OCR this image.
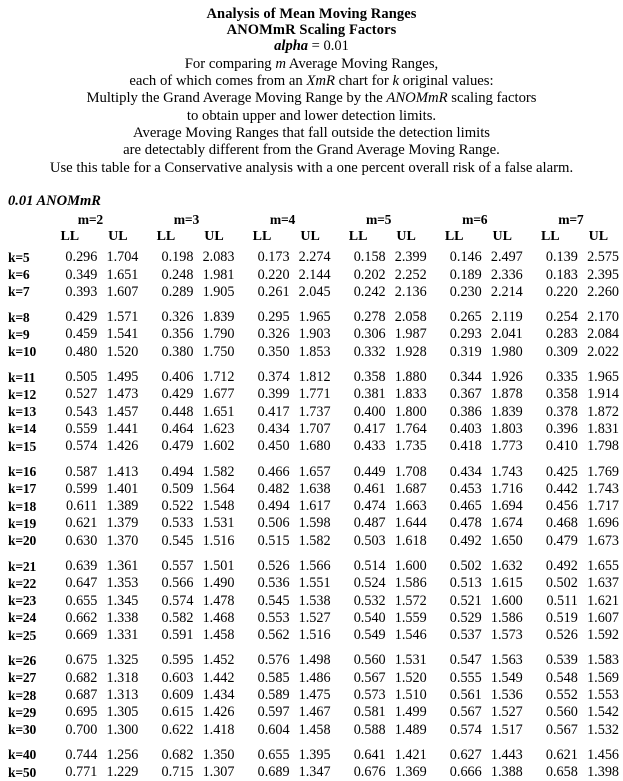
Analysis of Mean Moving Ranges
ANOMmR Scaling Factors
alpha = 0.01
For comparing m Average Moving Ranges,
each of which comes from an XmR chart for k original values:
Multiply the Grand Average Moving Range by the ANOMmR scaling factors
to obtain upper and lower detection limits.
Average Moving Ranges that fall outside the detection limits
are detectably different from the Grand Average Moving Range.
Use this table for a Conservative analysis with a one percent overall risk of a false alarm.
0.01 ANOMmR
	m=2		m=3		m=4		m=5		m=6		m=7	
	LL	UL	LL	UL	LL	UL	LL	UL	LL	UL	LL	UL
k=5	0.296	1.704	0.198	2.083	0.173	2.274	0.158	2.399	0.146	2.497	0.139	2.575
k=6	0.349	1.651	0.248	1.981	0.220	2.144	0.202	2.252	0.189	2.336	0.183	2.395
k=7	0.393	1.607	0.289	1.905	0.261	2.045	0.242	2.136	0.230	2.214	0.220	2.260

k=8	0.429	1.571	0.326	1.839	0.295	1.965	0.278	2.058	0.265	2.119	0.254	2.170
k=9	0.459	1.541	0.356	1.790	0.326	1.903	0.306	1.987	0.293	2.041	0.283	2.084
k=10	0.480	1.520	0.380	1.750	0.350	1.853	0.332	1.928	0.319	1.980	0.309	2.022

k=11	0.505	1.495	0.406	1.712	0.374	1.812	0.358	1.880	0.344	1.926	0.335	1.965
k=12	0.527	1.473	0.429	1.677	0.399	1.771	0.381	1.833	0.367	1.878	0.358	1.914
k=13	0.543	1.457	0.448	1.651	0.417	1.737	0.400	1.800	0.386	1.839	0.378	1.872
k=14	0.559	1.441	0.464	1.623	0.434	1.707	0.417	1.764	0.403	1.803	0.396	1.831
k=15	0.574	1.426	0.479	1.602	0.450	1.680	0.433	1.735	0.418	1.773	0.410	1.798

k=16	0.587	1.413	0.494	1.582	0.466	1.657	0.449	1.708	0.434	1.743	0.425	1.769
k=17	0.599	1.401	0.509	1.564	0.482	1.638	0.461	1.687	0.453	1.716	0.442	1.743
k=18	0.611	1.389	0.522	1.548	0.494	1.617	0.474	1.663	0.465	1.694	0.456	1.717
k=19	0.621	1.379	0.533	1.531	0.506	1.598	0.487	1.644	0.478	1.674	0.468	1.696
k=20	0.630	1.370	0.545	1.516	0.515	1.582	0.503	1.618	0.492	1.650	0.479	1.673

k=21	0.639	1.361	0.557	1.501	0.526	1.566	0.514	1.600	0.502	1.632	0.492	1.655
k=22	0.647	1.353	0.566	1.490	0.536	1.551	0.524	1.586	0.513	1.615	0.502	1.637
k=23	0.655	1.345	0.574	1.478	0.545	1.538	0.532	1.572	0.521	1.600	0.511	1.621
k=24	0.662	1.338	0.582	1.468	0.553	1.527	0.540	1.559	0.529	1.586	0.519	1.607
k=25	0.669	1.331	0.591	1.458	0.562	1.516	0.549	1.546	0.537	1.573	0.526	1.592

k=26	0.675	1.325	0.595	1.452	0.576	1.498	0.560	1.531	0.547	1.563	0.539	1.583
k=27	0.682	1.318	0.603	1.442	0.585	1.486	0.567	1.520	0.555	1.549	0.548	1.569
k=28	0.687	1.313	0.609	1.434	0.589	1.475	0.573	1.510	0.561	1.536	0.552	1.553
k=29	0.695	1.305	0.615	1.426	0.597	1.467	0.581	1.499	0.567	1.527	0.560	1.542
k=30	0.700	1.300	0.622	1.418	0.604	1.458	0.588	1.489	0.574	1.517	0.567	1.532

k=40	0.744	1.256	0.682	1.350	0.655	1.395	0.641	1.421	0.627	1.443	0.621	1.456
k=50	0.771	1.229	0.715	1.307	0.689	1.347	0.676	1.369	0.666	1.388	0.658	1.398
